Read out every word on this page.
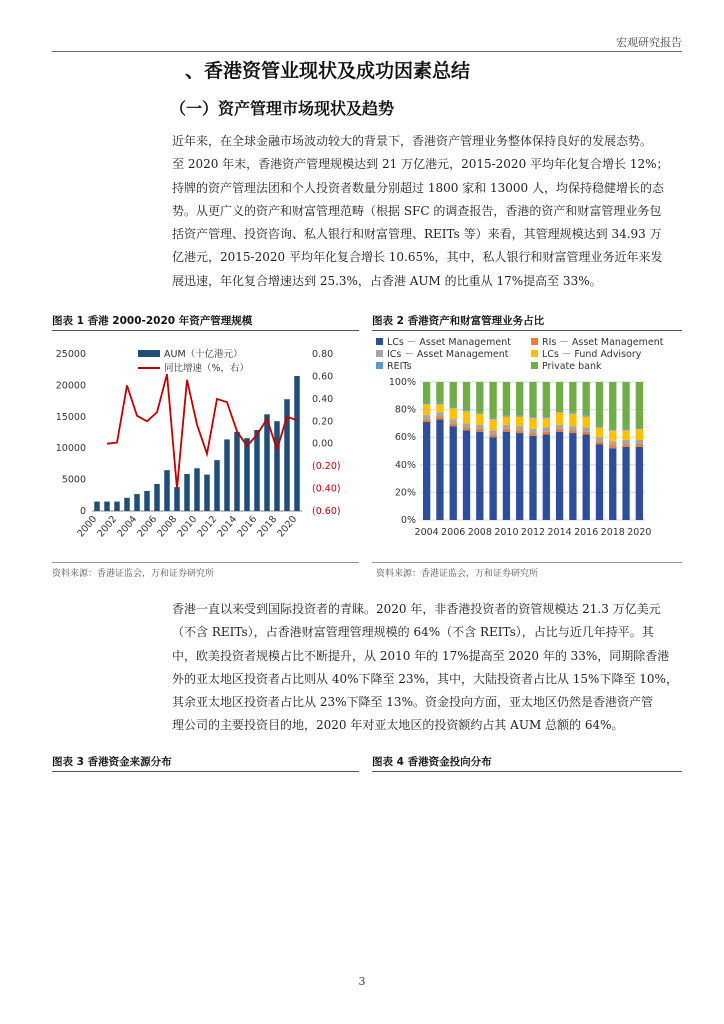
宏观研究报告
、香港资管业现状及成功因素总结
（一）资产管理市场现状及趋势

近年来，在全球金融市场波动较大的背景下，香港资产管理业务整体保持良好的发展态势。

至 2020 年末，香港资产管理规模达到 21 万亿港元，2015-2020 平均年化复合增长 12%；

持牌的资产管理法团和个人投资者数量分别超过 1800 家和 13000 人，均保持稳健增长的态

势。从更广义的资产和财富管理范畴（根据 SFC 的调查报告，香港的资产和财富管理业务包

括资产管理、投资咨询、私人银行和财富管理、REITs 等）来看，其管理规模达到 34.93 万

亿港元，2015-2020 平均年化复合增长 10.65%，其中，私人银行和财富管理业务近年来发

展迅速，年化复合增速达到 25.3%，占香港 AUM 的比重从 17%提高至 33%。

图表 1 香港 2000-2020 年资产管理规模	图表 2 香港资产和财富管理业务占比
0
5000
10000
15000
20000
25000
(0.60)
(0.40)
(0.20)
0.00
0.20
0.40
0.60
0.80
2000
2002
2004
2006
2008
2010
2012
2014
2016
2018
2020
AUM（十亿港元）
同比增速（%，右）
LCs － Asset Management	RIs － Asset Management
ICs － Asset Management	LCs － Fund Advisory
REITs	Private bank
0%
20%
40%
60%
80%
100%
2004 2006 2008 2010 2012 2014 2016 2018 2020
资料来源：香港证监会，万和证券研究所	资料来源：香港证监会，万和证券研究所

香港一直以来受到国际投资者的青睐。2020 年，非香港投资者的资管规模达 21.3 万亿美元

（不含 REITs），占香港财富管理管理规模的 64%（不含 REITs），占比与近几年持平。其

中，欧美投资者规模占比不断提升，从 2010 年的 17%提高至 2020 年的 33%，同期除香港

外的亚太地区投资者占比则从 40%下降至 23%，其中，大陆投资者占比从 15%下降至 10%，

其余亚太地区投资者占比从 23%下降至 13%。资金投向方面，亚太地区仍然是香港资产管

理公司的主要投资目的地，2020 年对亚太地区的投资额约占其 AUM 总额的 64%。

图表 3 香港资金来源分布	图表 4 香港资金投向分布
3
